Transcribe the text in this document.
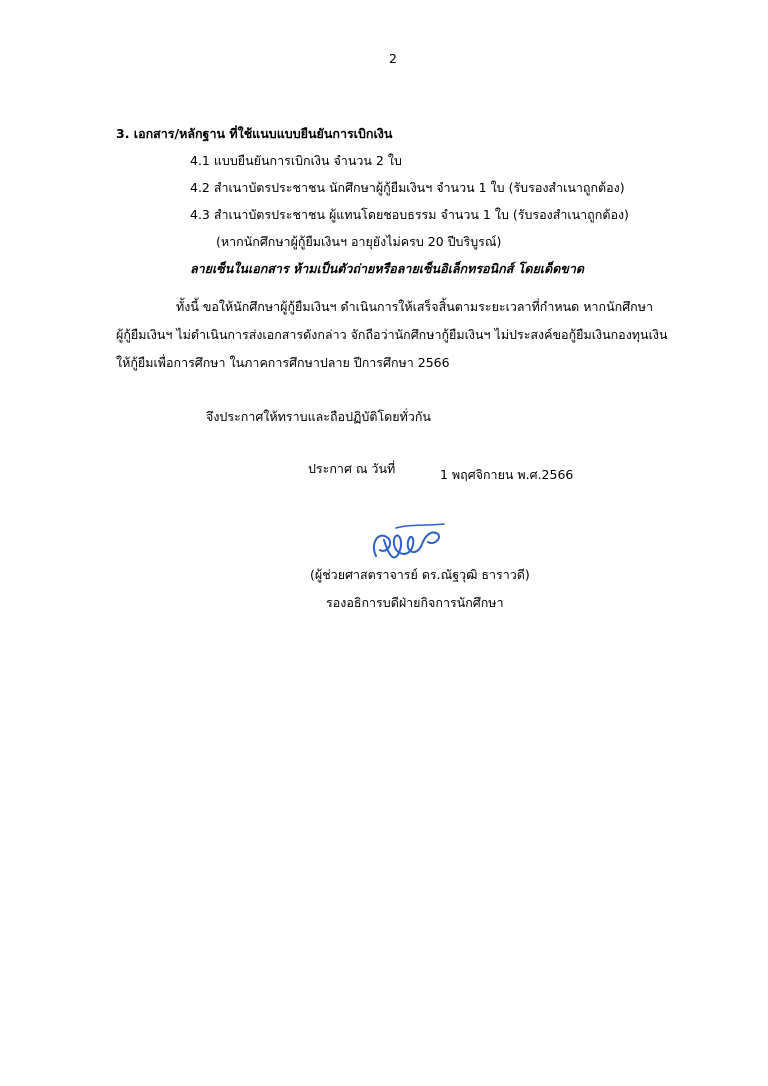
2
3. เอกสาร/หลักฐาน ที่ใช้แนบแบบยืนยันการเบิกเงิน
4.1 แบบยืนยันการเบิกเงิน จำนวน 2 ใบ
4.2 สำเนาบัตรประชาชน นักศึกษาผู้กู้ยืมเงินฯ จำนวน 1 ใบ (รับรองสำเนาถูกต้อง)
4.3 สำเนาบัตรประชาชน ผู้แทนโดยชอบธรรม จำนวน 1 ใบ (รับรองสำเนาถูกต้อง)
(หากนักศึกษาผู้กู้ยืมเงินฯ อายุยังไม่ครบ 20 ปีบริบูรณ์)
ลายเซ็นในเอกสาร ห้ามเป็นตัวถ่ายหรือลายเซ็นอิเล็กทรอนิกส์ โดยเด็ดขาด
ทั้งนี้ ขอให้นักศึกษาผู้กู้ยืมเงินฯ ดำเนินการให้เสร็จสิ้นตามระยะเวลาที่กำหนด หากนักศึกษา
ผู้กู้ยืมเงินฯ ไม่ดำเนินการส่งเอกสารดังกล่าว จักถือว่านักศึกษากู้ยืมเงินฯ ไม่ประสงค์ขอกู้ยืมเงินกองทุนเงิน
ให้กู้ยืมเพื่อการศึกษา ในภาคการศึกษาปลาย ปีการศึกษา 2566
จึงประกาศให้ทราบและถือปฏิบัติโดยทั่วกัน
ประกาศ ณ วันที่	1 พฤศจิกายน พ.ศ.2566
(ผู้ช่วยศาสตราจารย์ ดร.ณัฐวุฒิ ธาราวดี)
รองอธิการบดีฝ่ายกิจการนักศึกษา
